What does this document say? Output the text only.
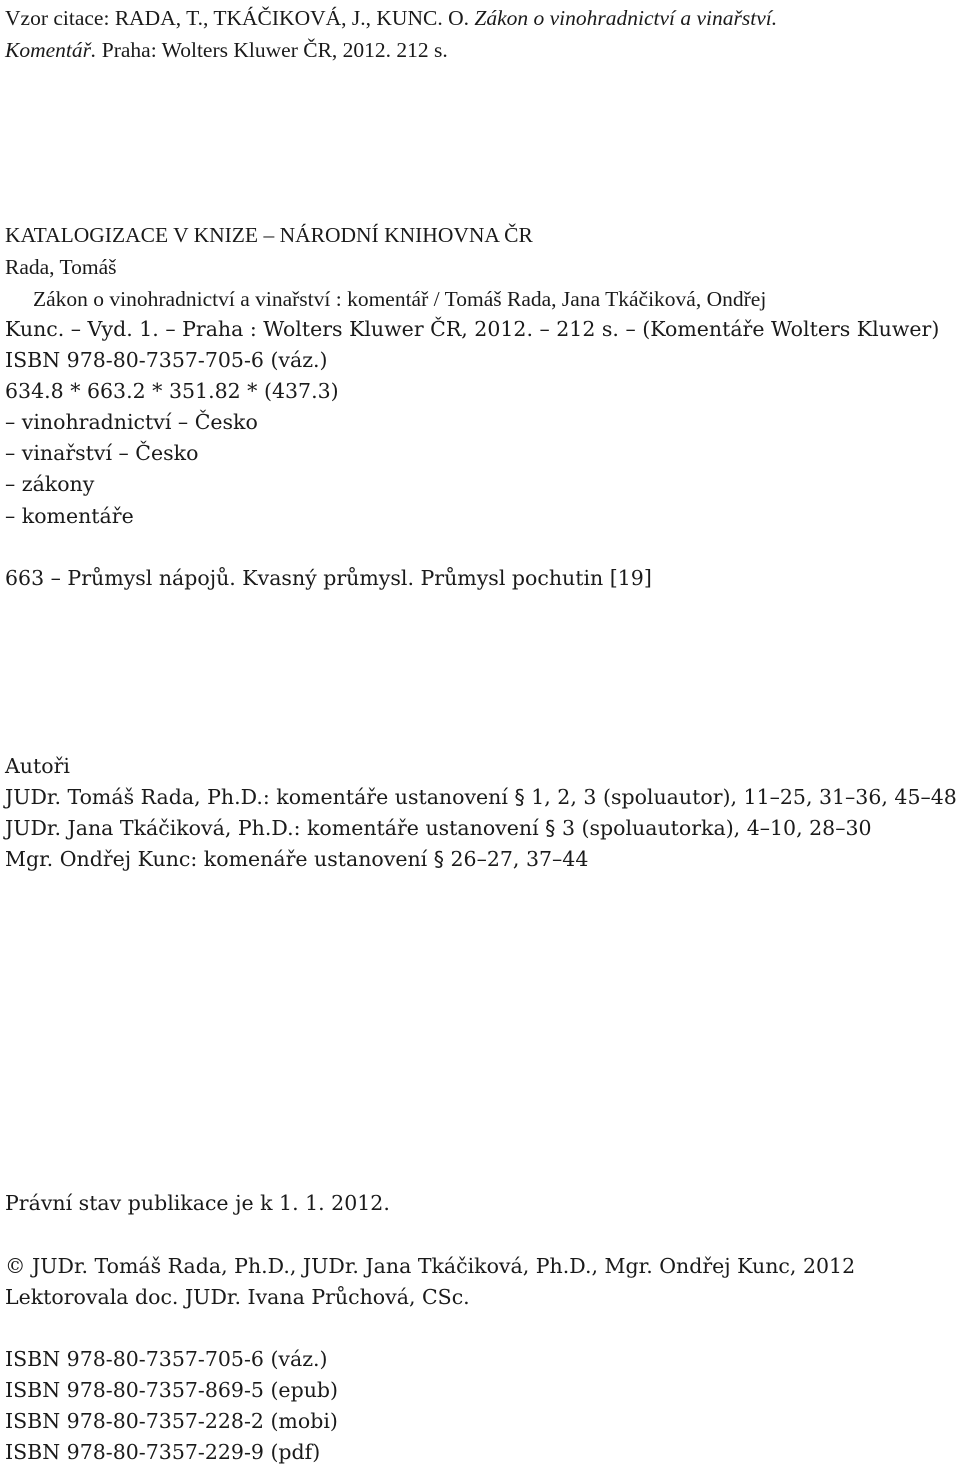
Vzor citace: RADA, T., TKÁČIKOVÁ, J., KUNC. O. Zákon o vinohradnictví a vinařství.
Komentář. Praha: Wolters Kluwer ČR, 2012. 212 s.
KATALOGIZACE V KNIZE – NÁRODNÍ KNIHOVNA ČR
Rada, Tomáš
Zákon o vinohradnictví a vinařství : komentář / Tomáš Rada, Jana Tkáčiková, Ondřej
Kunc. – Vyd. 1. – Praha : Wolters Kluwer ČR, 2012. – 212 s. – (Komentáře Wolters Kluwer)
ISBN 978-80-7357-705-6 (váz.)
634.8 * 663.2 * 351.82 * (437.3)
– vinohradnictví – Česko
– vinařství – Česko
– zákony
– komentáře
663 – Průmysl nápojů. Kvasný průmysl. Průmysl pochutin [19]
Autoři
JUDr. Tomáš Rada, Ph.D.: komentáře ustanovení § 1, 2, 3 (spoluautor), 11–25, 31–36, 45–48
JUDr. Jana Tkáčiková, Ph.D.: komentáře ustanovení § 3 (spoluautorka), 4–10, 28–30
Mgr. Ondřej Kunc: komenáře ustanovení § 26–27, 37–44
Právní stav publikace je k 1. 1. 2012.
© JUDr. Tomáš Rada, Ph.D., JUDr. Jana Tkáčiková, Ph.D., Mgr. Ondřej Kunc, 2012
Lektorovala doc. JUDr. Ivana Průchová, CSc.
ISBN 978-80-7357-705-6 (váz.)
ISBN 978-80-7357-869-5 (epub)
ISBN 978-80-7357-228-2 (mobi)
ISBN 978-80-7357-229-9 (pdf)
